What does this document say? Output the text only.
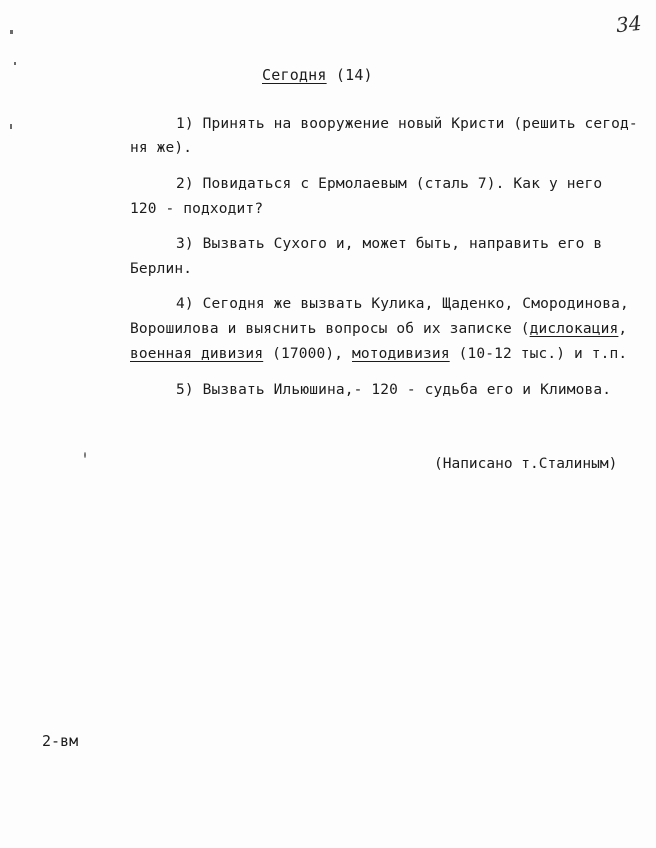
34
Сегодня (14)
1) Принять на вооружение новый Кристи (решить сегод-
ня же).
2) Повидаться с Ермолаевым (сталь 7). Как у него
120 - подходит?
3) Вызвать Сухого и, может быть, направить его в
Берлин.
4) Сегодня же вызвать Кулика, Щаденко, Смородинова,
Ворошилова и выяснить вопросы об их записке (дислокация,
военная дивизия (17000), мотодивизия (10-12 тыс.) и т.п.
5) Вызвать Ильюшина,- 120 - судьба его и Климова.
(Написано т.Сталиным)
2-вм
